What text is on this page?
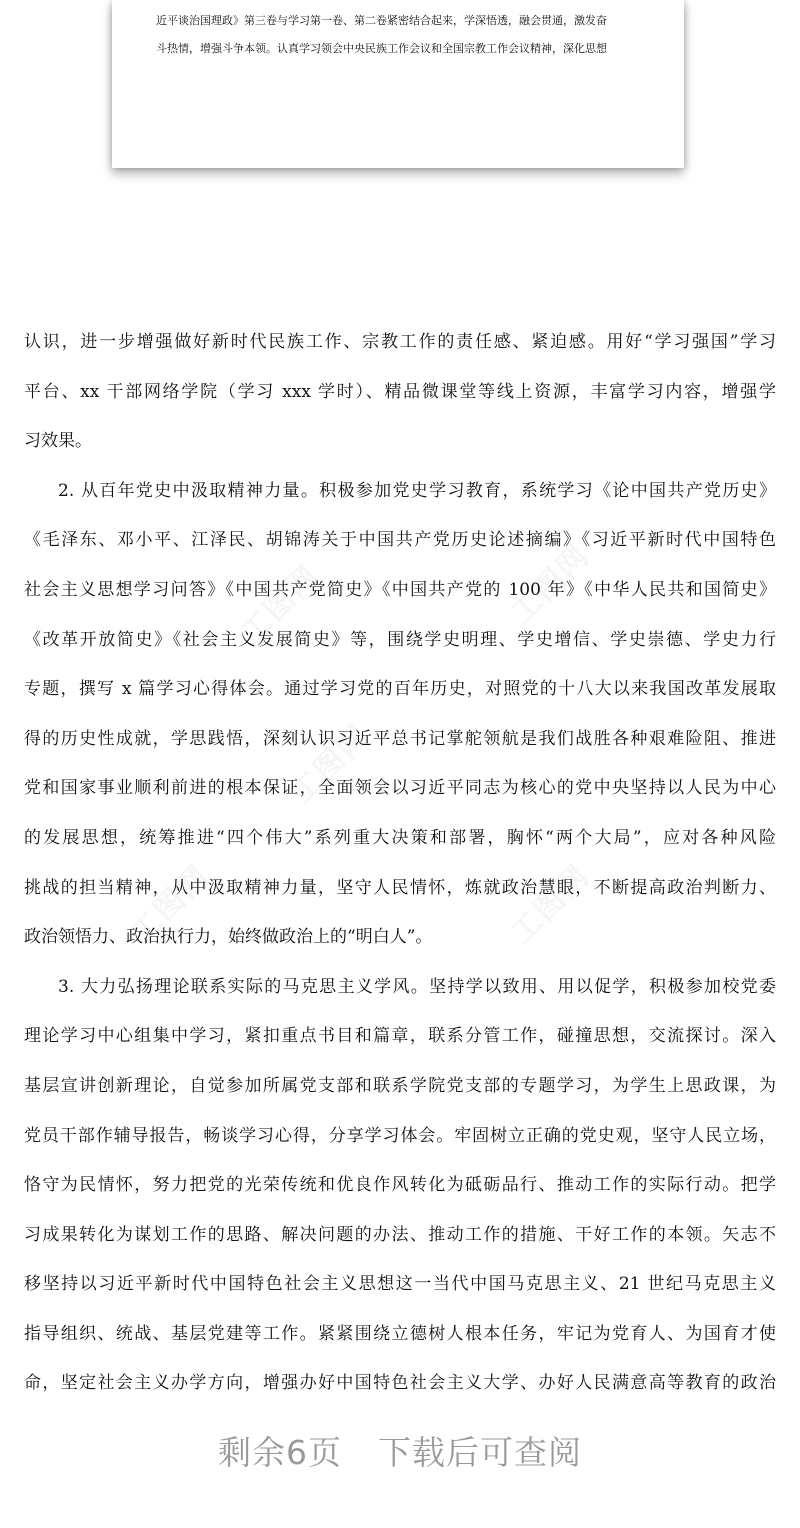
近平谈治国理政》第三卷与学习第一卷、第二卷紧密结合起来，学深悟透，融会贯通，激发奋
斗热情，增强斗争本领。认真学习领会中央民族工作会议和全国宗教工作会议精神，深化思想
工图网	工图网
工图网
工图网
工图网
认识，进一步增强做好新时代民族工作、宗教工作的责任感、紧迫感。用好“学习强国”学习
平台、xx 干部网络学院（学习 xxx 学时）、精品微课堂等线上资源，丰富学习内容，增强学
习效果。
2. 从百年党史中汲取精神力量。积极参加党史学习教育，系统学习《论中国共产党历史》
《毛泽东、邓小平、江泽民、胡锦涛关于中国共产党历史论述摘编》《习近平新时代中国特色
社会主义思想学习问答》《中国共产党简史》《中国共产党的 100 年》《中华人民共和国简史》
《改革开放简史》《社会主义发展简史》等，围绕学史明理、学史增信、学史崇德、学史力行
专题，撰写 x 篇学习心得体会。通过学习党的百年历史，对照党的十八大以来我国改革发展取
得的历史性成就，学思践悟，深刻认识习近平总书记掌舵领航是我们战胜各种艰难险阻、推进
党和国家事业顺利前进的根本保证，全面领会以习近平同志为核心的党中央坚持以人民为中心
的发展思想，统筹推进“四个伟大”系列重大决策和部署，胸怀“两个大局”，应对各种风险
挑战的担当精神，从中汲取精神力量，坚守人民情怀，炼就政治慧眼，不断提高政治判断力、
政治领悟力、政治执行力，始终做政治上的“明白人”。
3. 大力弘扬理论联系实际的马克思主义学风。坚持学以致用、用以促学，积极参加校党委
理论学习中心组集中学习，紧扣重点书目和篇章，联系分管工作，碰撞思想，交流探讨。深入
基层宣讲创新理论，自觉参加所属党支部和联系学院党支部的专题学习，为学生上思政课，为
党员干部作辅导报告，畅谈学习心得，分享学习体会。牢固树立正确的党史观，坚守人民立场，
恪守为民情怀，努力把党的光荣传统和优良作风转化为砥砺品行、推动工作的实际行动。把学
习成果转化为谋划工作的思路、解决问题的办法、推动工作的措施、干好工作的本领。矢志不
移坚持以习近平新时代中国特色社会主义思想这一当代中国马克思主义、21 世纪马克思主义
指导组织、统战、基层党建等工作。紧紧围绕立德树人根本任务，牢记为党育人、为国育才使
命，坚定社会主义办学方向，增强办好中国特色社会主义大学、办好人民满意高等教育的政治
剩余6页 下载后可查阅
